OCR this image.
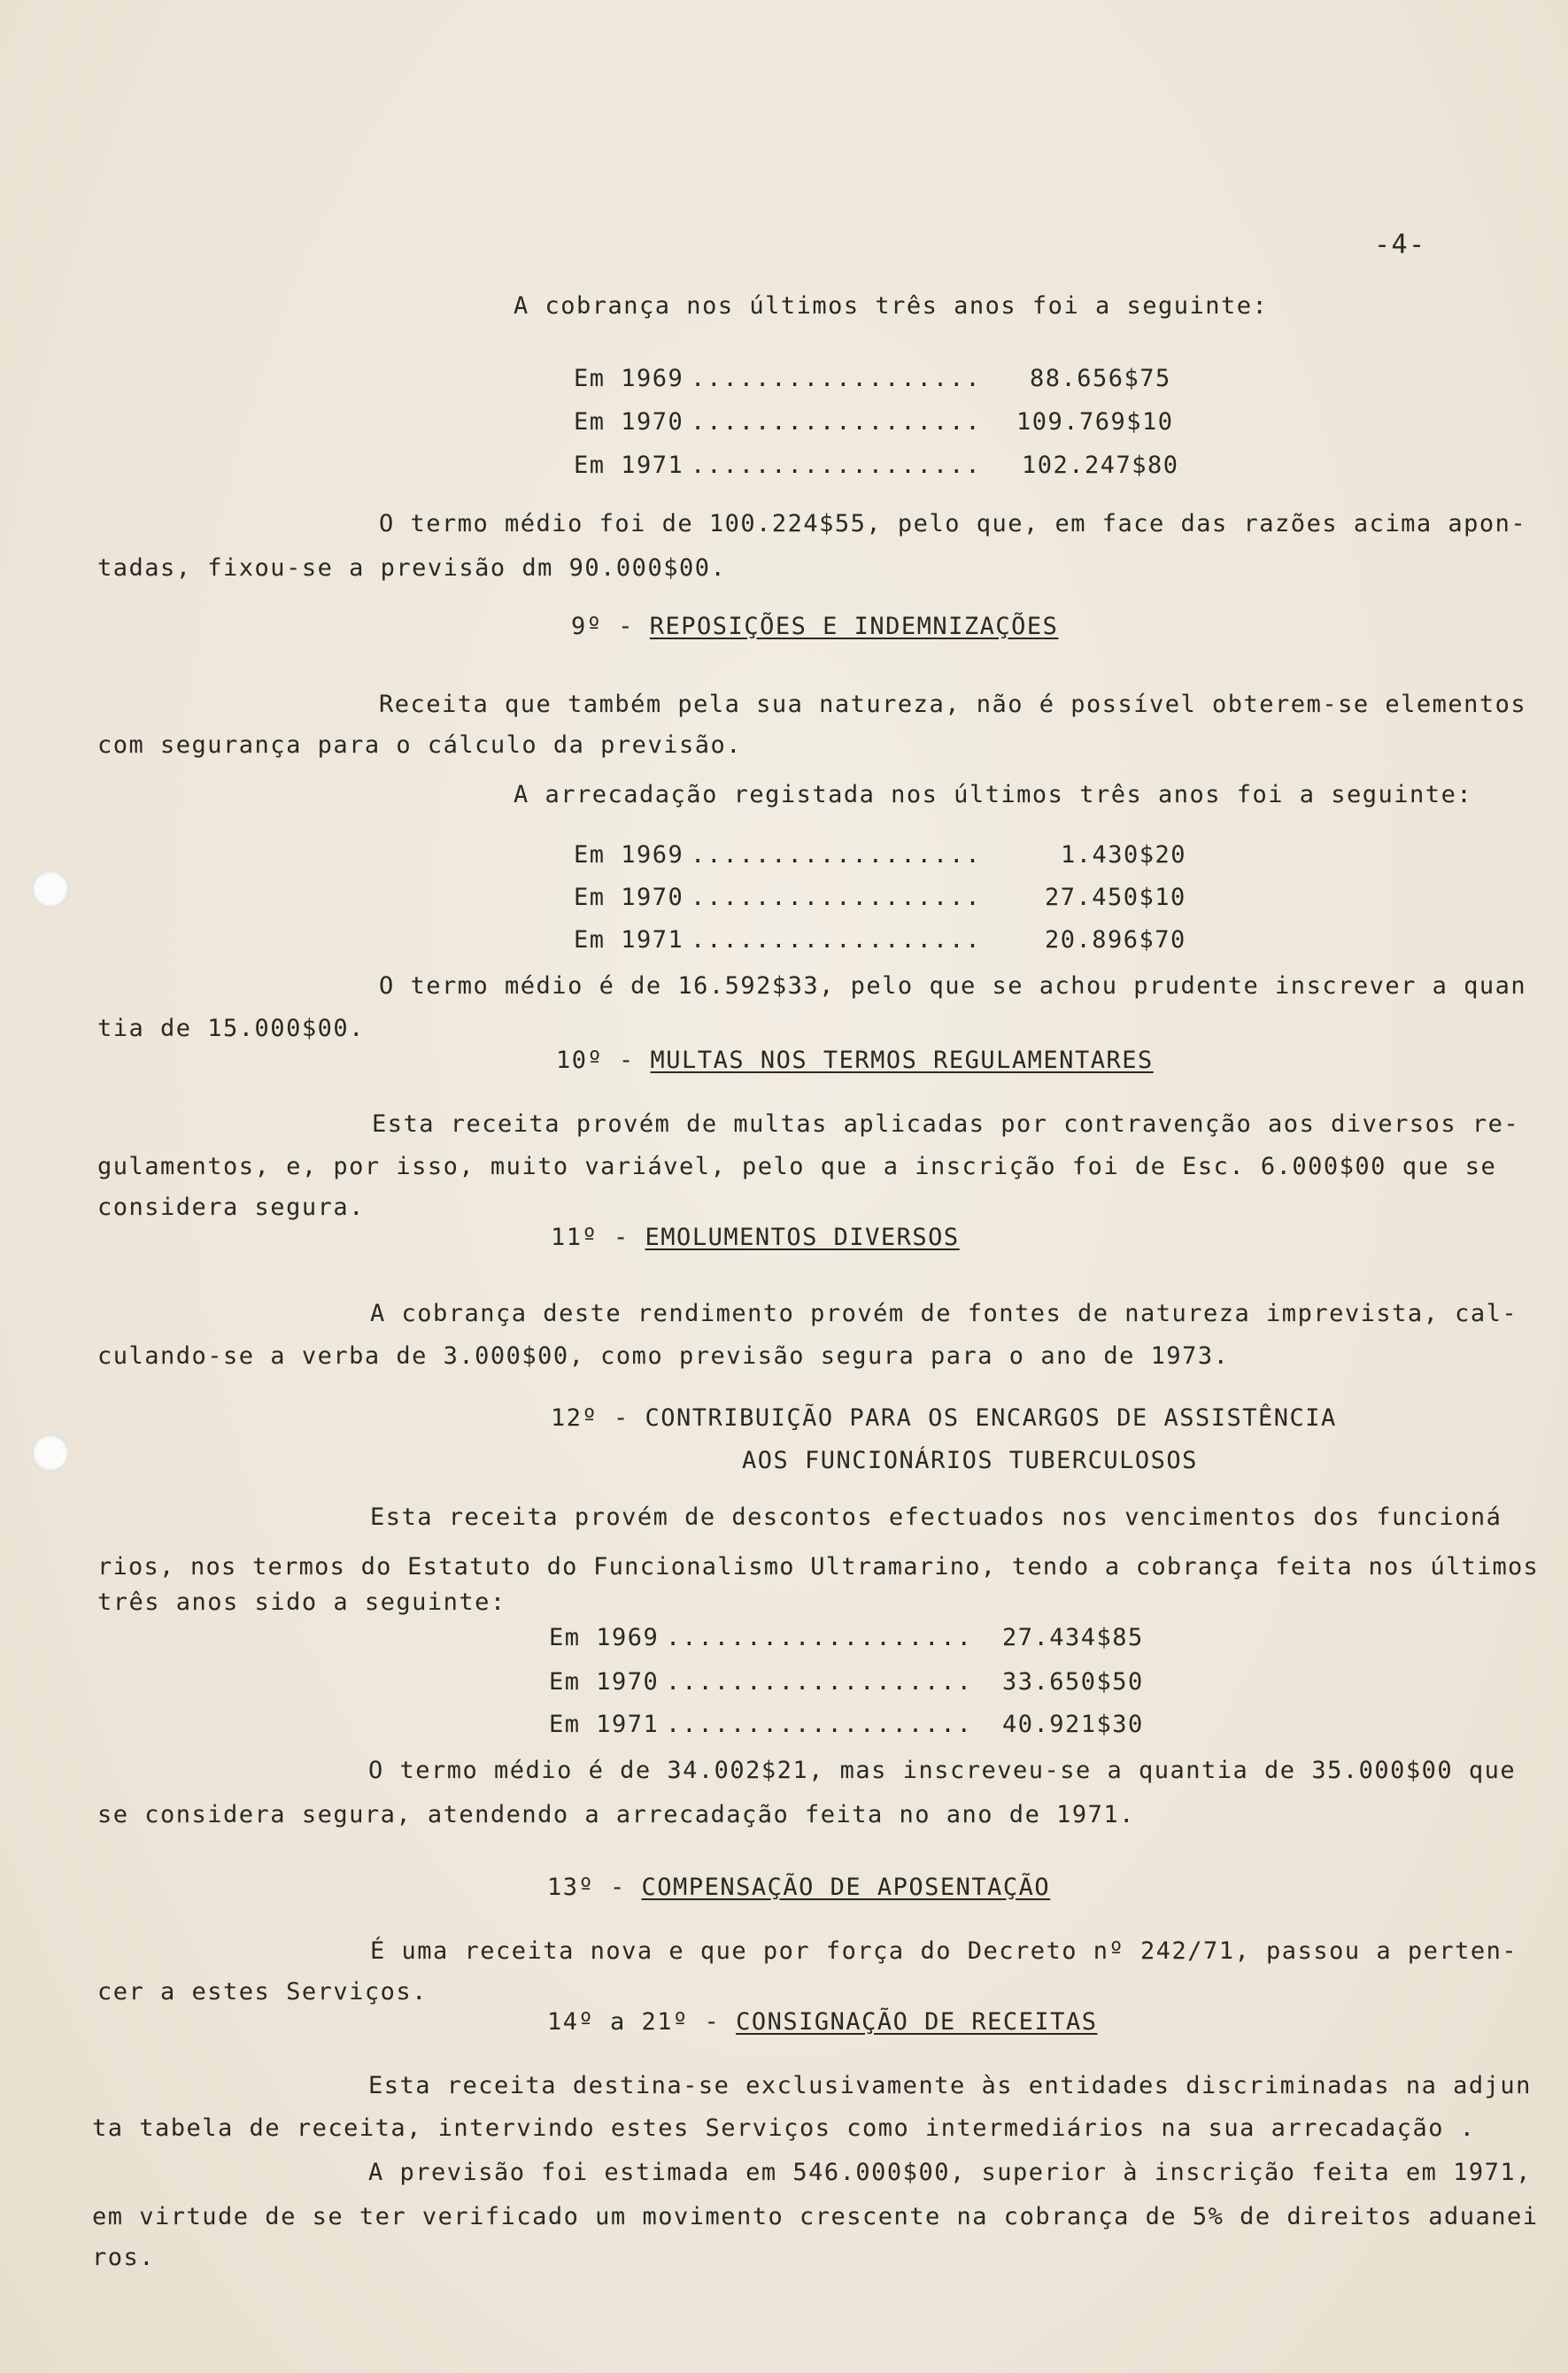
-4-
A cobrança nos últimos três anos foi a seguinte:
Em 1969 .................. 88.656$75
Em 1970 .................. 109.769$10
Em 1971 .................. 102.247$80
O termo médio foi de 100.224$55, pelo que, em face das razões acima apon-
tadas, fixou-se a previsão dm 90.000$00.
9º - REPOSIÇÕES E INDEMNIZAÇÕES
Receita que também pela sua natureza, não é possível obterem-se elementos
com segurança para o cálculo da previsão.
A arrecadação registada nos últimos três anos foi a seguinte:
Em 1969 ..................	1.430$20
Em 1970 ..................	27.450$10
Em 1971 ..................	20.896$70
O termo médio é de 16.592$33, pelo que se achou prudente inscrever a quan
tia de 15.000$00.
10º - MULTAS NOS TERMOS REGULAMENTARES
Esta receita provém de multas aplicadas por contravenção aos diversos re-
gulamentos, e, por isso, muito variável, pelo que a inscrição foi de Esc. 6.000$00 que se
considera segura.
11º - EMOLUMENTOS DIVERSOS
A cobrança deste rendimento provém de fontes de natureza imprevista, cal-
culando-se a verba de 3.000$00, como previsão segura para o ano de 1973.
12º - CONTRIBUIÇÃO PARA OS ENCARGOS DE ASSISTÊNCIA
AOS FUNCIONÁRIOS TUBERCULOSOS
Esta receita provém de descontos efectuados nos vencimentos dos funcioná
rios, nos termos do Estatuto do Funcionalismo Ultramarino, tendo a cobrança feita nos últimos
três anos sido a seguinte:
Em 1969 ................... 27.434$85
Em 1970 ................... 33.650$50
Em 1971 ................... 40.921$30
O termo médio é de 34.002$21, mas inscreveu-se a quantia de 35.000$00 que
se considera segura, atendendo a arrecadação feita no ano de 1971.
13º - COMPENSAÇÃO DE APOSENTAÇÃO
É uma receita nova e que por força do Decreto nº 242/71, passou a perten-
cer a estes Serviços.
14º a 21º - CONSIGNAÇÃO DE RECEITAS
Esta receita destina-se exclusivamente às entidades discriminadas na adjun
ta tabela de receita, intervindo estes Serviços como intermediários na sua arrecadação .
A previsão foi estimada em 546.000$00, superior à inscrição feita em 1971,
em virtude de se ter verificado um movimento crescente na cobrança de 5% de direitos aduanei
ros.
